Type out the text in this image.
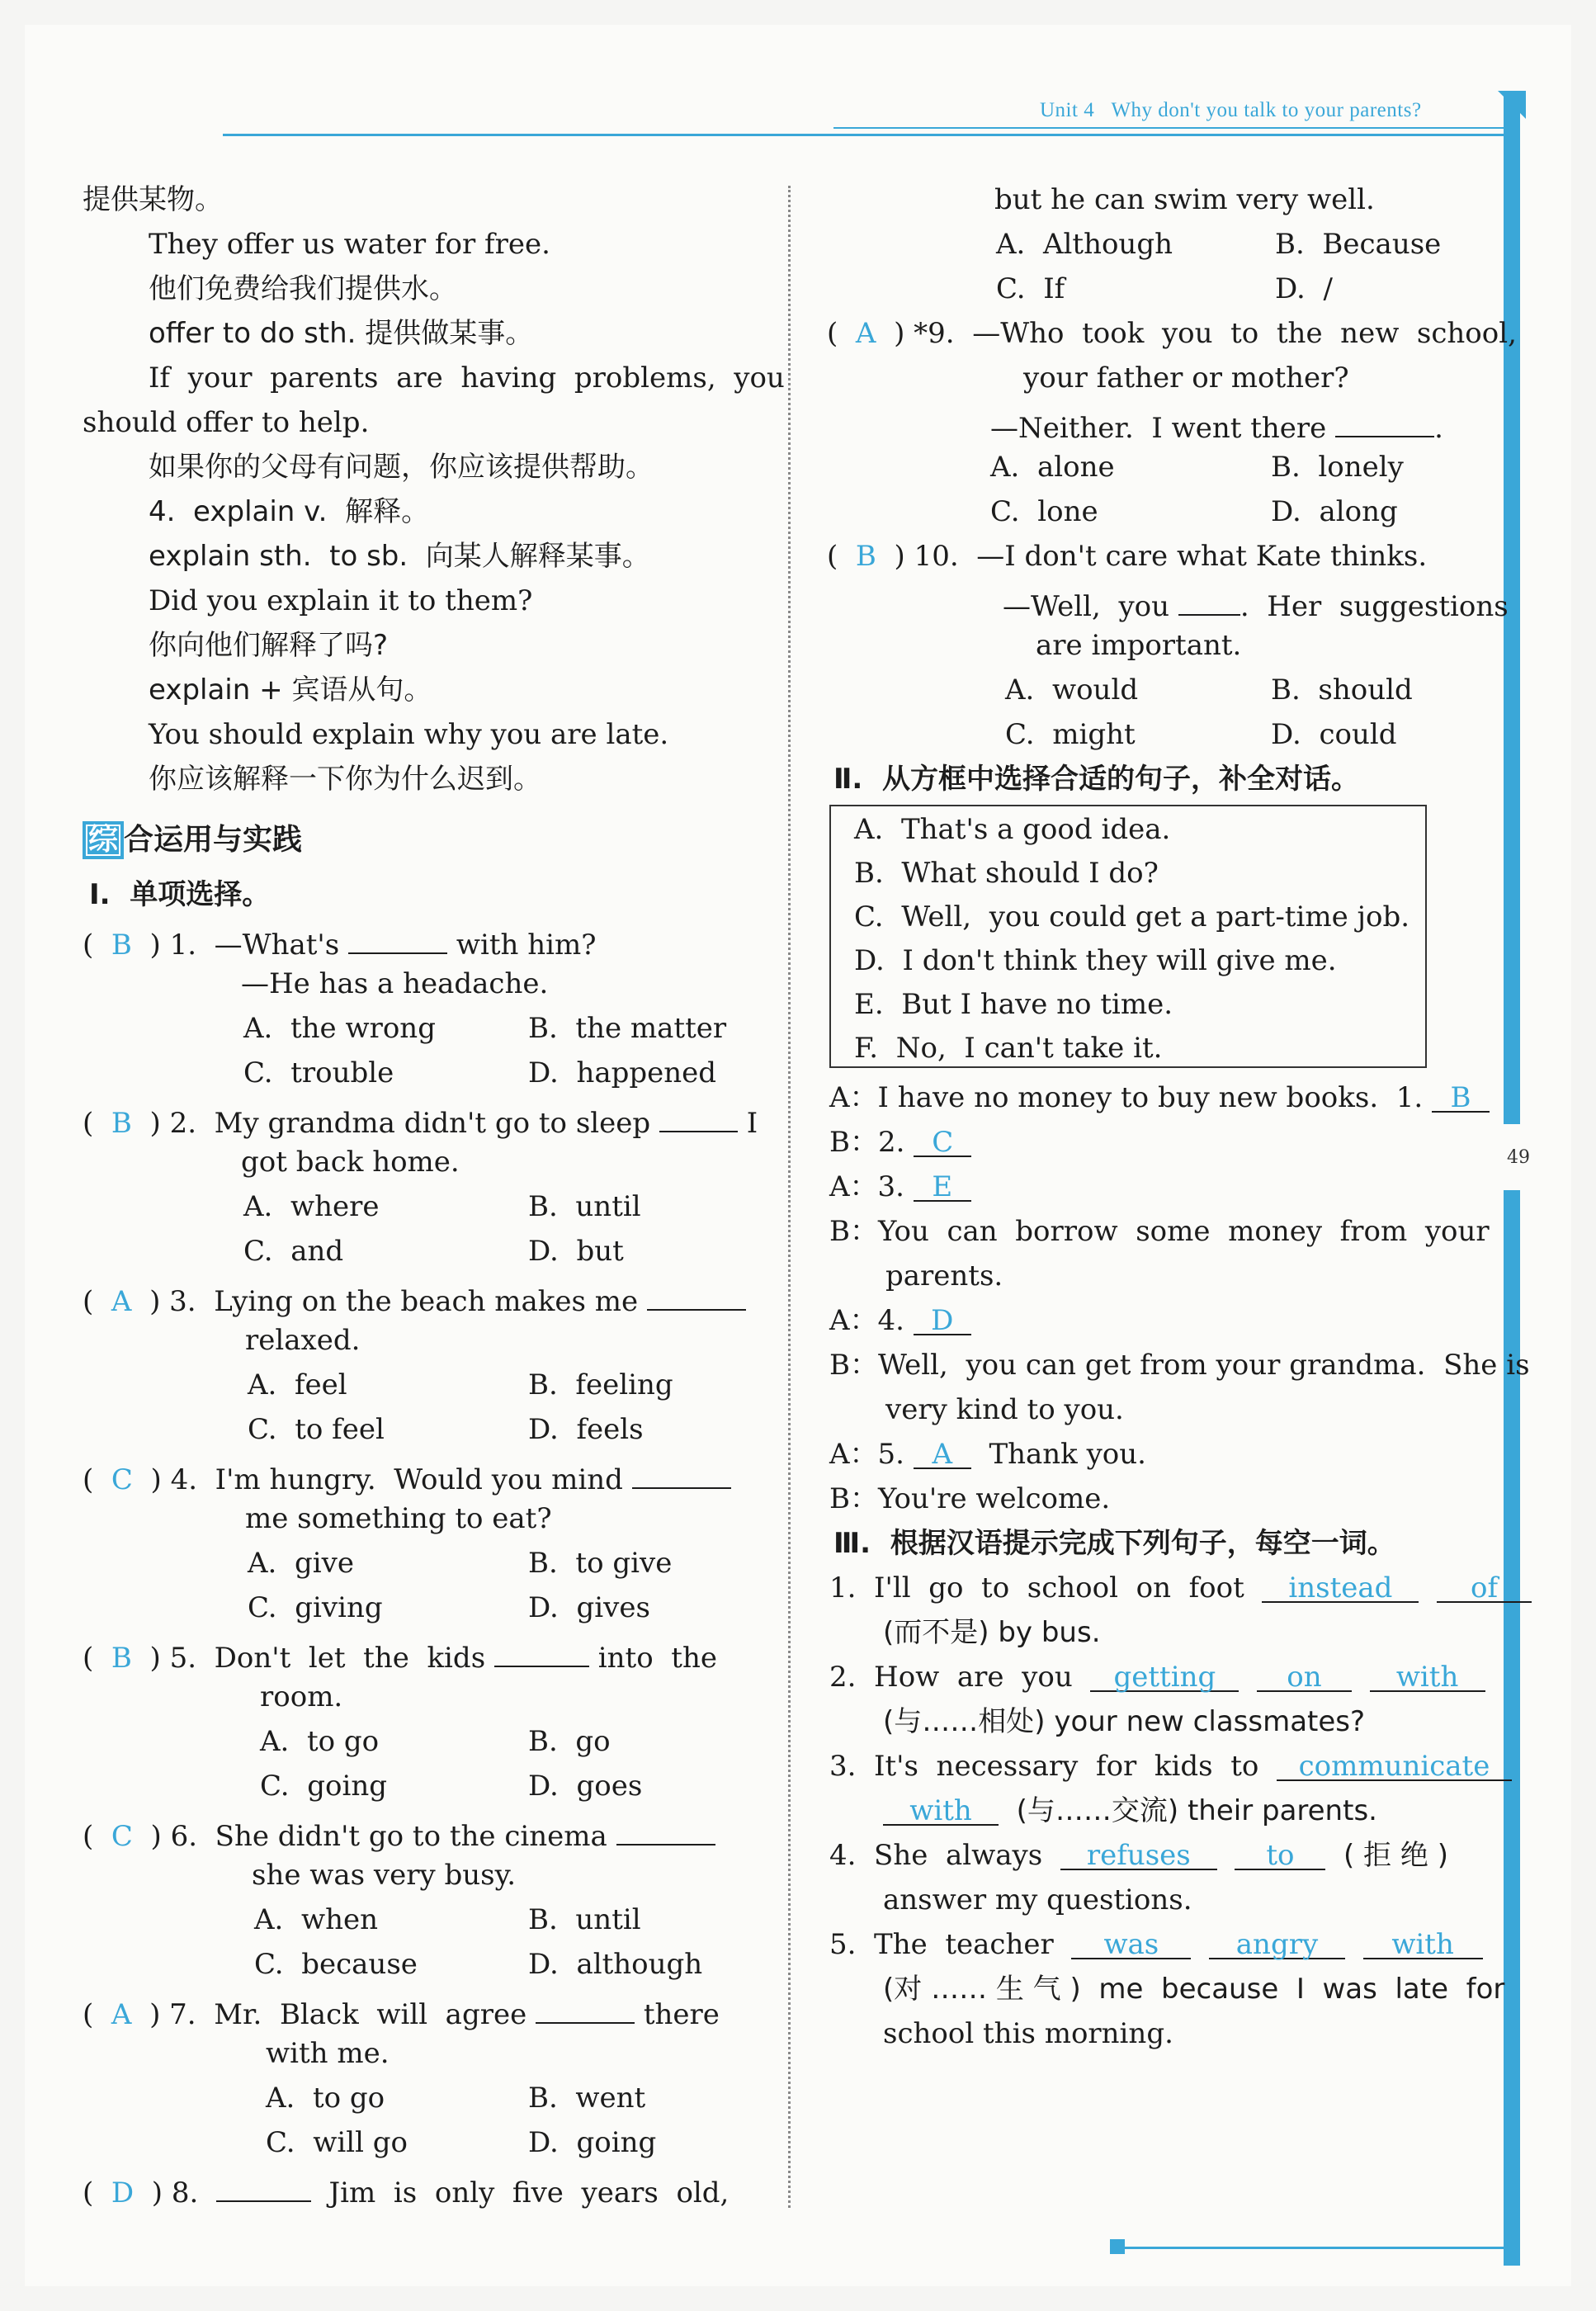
Unit 4 Why don't you talk to your parents?
49
提供某物。
They offer us water for free.
他们免费给我们提供水。
offer to do sth. 提供做某事。
If  your  parents  are  having  problems,  you
should offer to help.
如果你的父母有问题，你应该提供帮助。
4.  explain v.  解释。
explain sth.  to sb.  向某人解释某事。
Did you explain it to them?
你向他们解释了吗?
explain + 宾语从句。
You should explain why you are late.
你应该解释一下你为什么迟到。
综 合运用与实践
Ⅰ.  单项选择。
(  B  ) 1.  —What's	with him?
—He has a headache.
A.  the wrong	B.  the matter
C.  trouble	D.  happened
(  B  ) 2.  My grandma didn't go to sleep	I
got back home.
A.  where	B.  until
C.  and	D.  but
(  A  ) 3.  Lying on the beach makes me
relaxed.
A.  feel	B.  feeling
C.  to feel	D.  feels
(  C  ) 4.  I'm hungry.  Would you mind
me something to eat?
A.  give	B.  to give
C.  giving	D.  gives
(  B  ) 5.  Don't  let  the  kids	into  the
room.
A.  to go	B.  go
C.  going	D.  goes
(  C  ) 6.  She didn't go to the cinema
she was very busy.
A.  when	B.  until
C.  because	D.  although
(  A  ) 7.  Mr.  Black  will  agree	there
with me.
A.  to go	B.  went
C.  will go	D.  going
(  D  ) 8.	Jim  is  only  five  years  old,
but he can swim very well.
A.  Although	B.  Because
C.  If	D.  /
(  A  ) *9.  —Who  took  you  to  the  new  school,
your father or mother?
—Neither.  I went there	.
A.  alone	B.  lonely
C.  lone	D.  along
(  B  ) 10.  —I don't care what Kate thinks.
—Well,  you	.  Her  suggestions
are important.
A.  would	B.  should
C.  might	D.  could
Ⅱ.  从方框中选择合适的句子，补全对话。
A.  That's a good idea.
B.  What should I do?
C.  Well,  you could get a part-time job.
D.  I don't think they will give me.
E.  But I have no time.
F.  No,  I can't take it.
A：I have no money to buy new books.  1. B
B：2. C
A：3. E
B：You  can  borrow  some  money  from  your
parents.
A：4. D
B：Well,  you can get from your grandma.  She is
very kind to you.
A：5. A Thank you.
B：You're welcome.
Ⅲ.  根据汉语提示完成下列句子，每空一词。
1.  I'll  go  to  school  on  foot instead	of
(而不是) by bus.
2.  How  are  you getting	on	with
(与……相处) your new classmates?
3.  It's  necessary  for  kids  to communicate
with (与……交流) their parents.
4.  She  always refuses	to ( 拒 绝 )
answer my questions.
5.  The  teacher was	angry	with
(对 …… 生 气 )  me  because  I  was  late  for
school this morning.
